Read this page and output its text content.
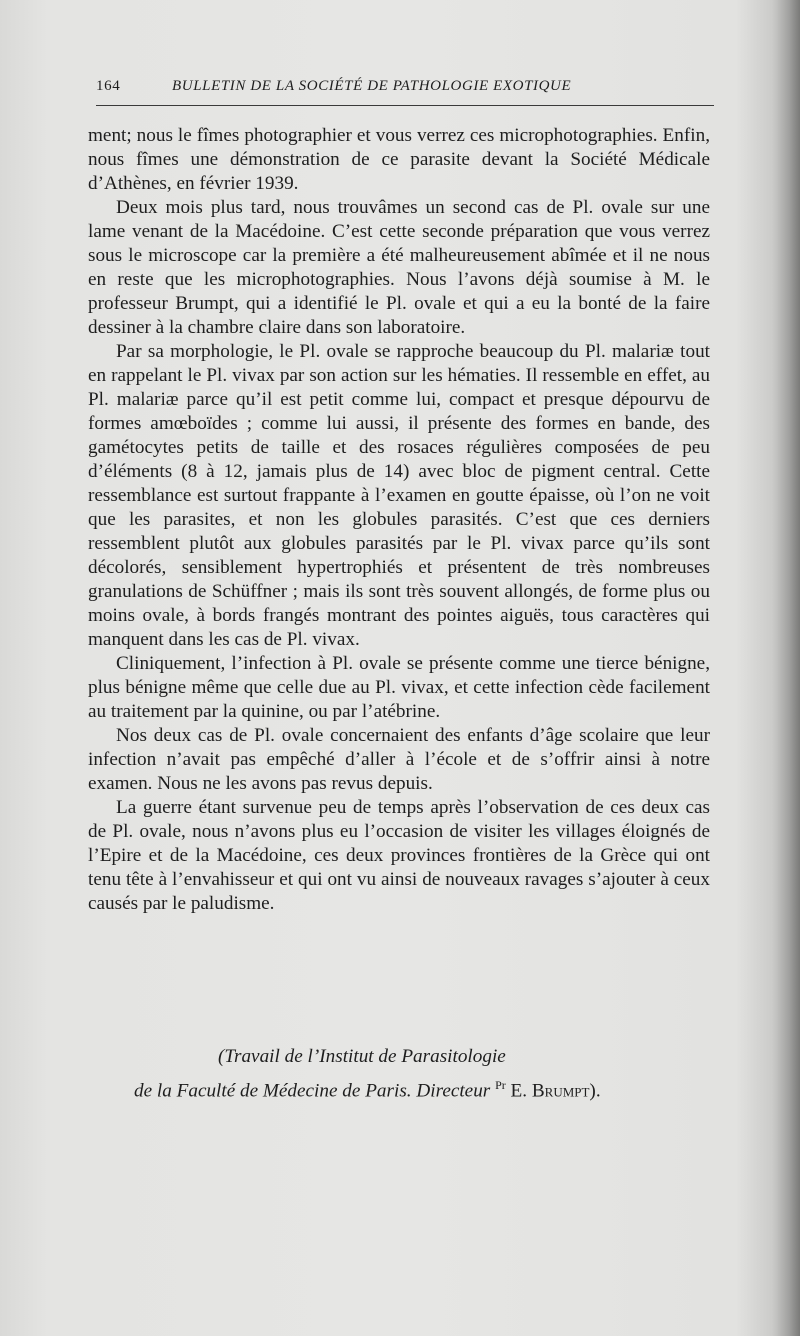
164	BULLETIN DE LA SOCIÉTÉ DE PATHOLOGIE EXOTIQUE

ment; nous le fîmes photographier et vous verrez ces microphotographies. Enfin, nous fîmes une démonstration de ce parasite devant la Société Médicale d’Athènes, en février 1939.

Deux mois plus tard, nous trouvâmes un second cas de Pl. ovale sur une lame venant de la Macédoine. C’est cette seconde préparation que vous verrez sous le microscope car la première a été malheureusement abîmée et il ne nous en reste que les microphotographies. Nous l’avons déjà soumise à M. le professeur Brumpt, qui a identifié le Pl. ovale et qui a eu la bonté de la faire dessiner à la chambre claire dans son laboratoire.

Par sa morphologie, le Pl. ovale se rapproche beaucoup du Pl. malariæ tout en rappelant le Pl. vivax par son action sur les hématies. Il ressemble en effet, au Pl. malariæ parce qu’il est petit comme lui, compact et presque dépourvu de formes amœboïdes ; comme lui aussi, il présente des formes en bande, des gamétocytes petits de taille et des rosaces régulières composées de peu d’éléments (8 à 12, jamais plus de 14) avec bloc de pigment central. Cette ressemblance est surtout frappante à l’examen en goutte épaisse, où l’on ne voit que les parasites, et non les globules parasités. C’est que ces derniers ressemblent plutôt aux globules parasités par le Pl. vivax parce qu’ils sont décolorés, sensiblement hypertrophiés et présentent de très nombreuses granulations de Schüffner ; mais ils sont très souvent allongés, de forme plus ou moins ovale, à bords frangés montrant des pointes aiguës, tous caractères qui manquent dans les cas de Pl. vivax.

Cliniquement, l’infection à Pl. ovale se présente comme une tierce bénigne, plus bénigne même que celle due au Pl. vivax, et cette infection cède facilement au traitement par la quinine, ou par l’atébrine.

Nos deux cas de Pl. ovale concernaient des enfants d’âge scolaire que leur infection n’avait pas empêché d’aller à l’école et de s’offrir ainsi à notre examen. Nous ne les avons pas revus depuis.

La guerre étant survenue peu de temps après l’observation de ces deux cas de Pl. ovale, nous n’avons plus eu l’occasion de visiter les villages éloignés de l’Epire et de la Macédoine, ces deux provinces frontières de la Grèce qui ont tenu tête à l’envahisseur et qui ont vu ainsi de nouveaux ravages s’ajouter à ceux causés par le paludisme.

(Travail de l’Institut de Parasitologie
de la Faculté de Médecine de Paris. Directeur $^{Pr}$ E. Brumpt).
